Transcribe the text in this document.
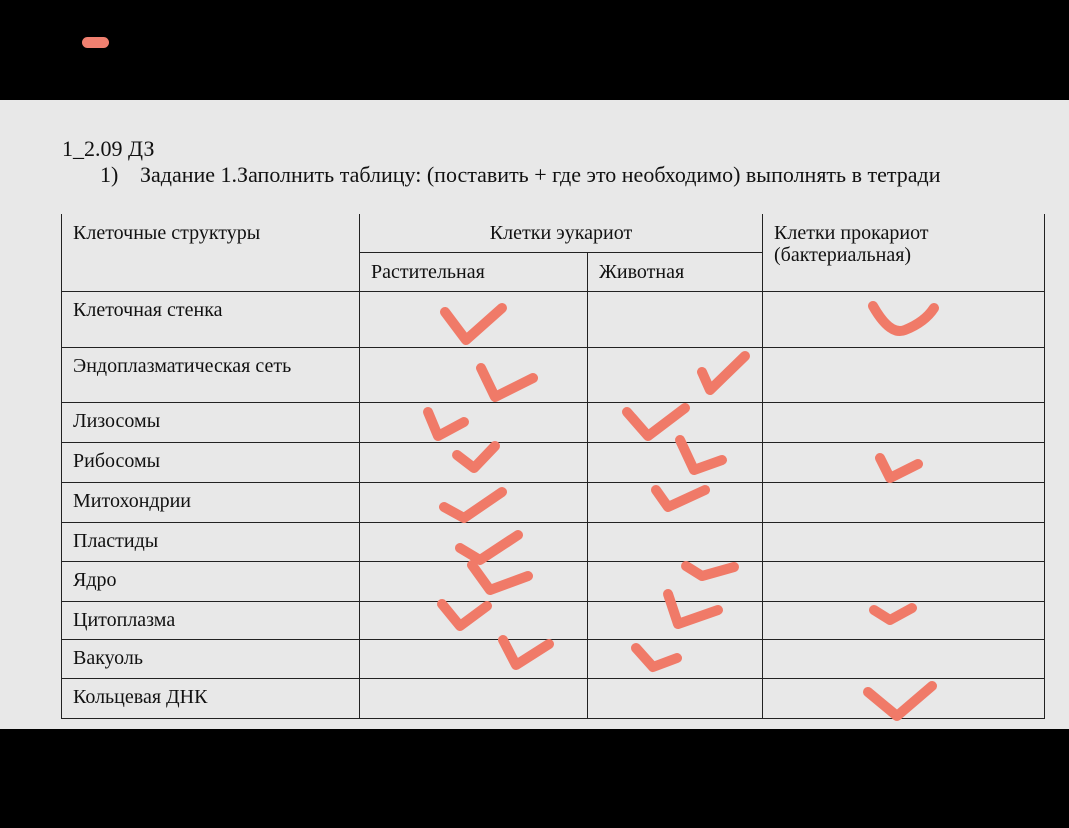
1_2.09 ДЗ
1) Задание 1.Заполнить таблицу: (поставить + где это необходимо) выполнять в тетради
Клеточные структуры	Клетки эукариот		Клетки прокариот (бактериальная)
	Растительная	Животная	
Клеточная стенка			
Эндоплазматическая сеть			
Лизосомы			
Рибосомы			
Митохондрии			
Пластиды			
Ядро			
Цитоплазма			
Вакуоль			
Кольцевая ДНК			
